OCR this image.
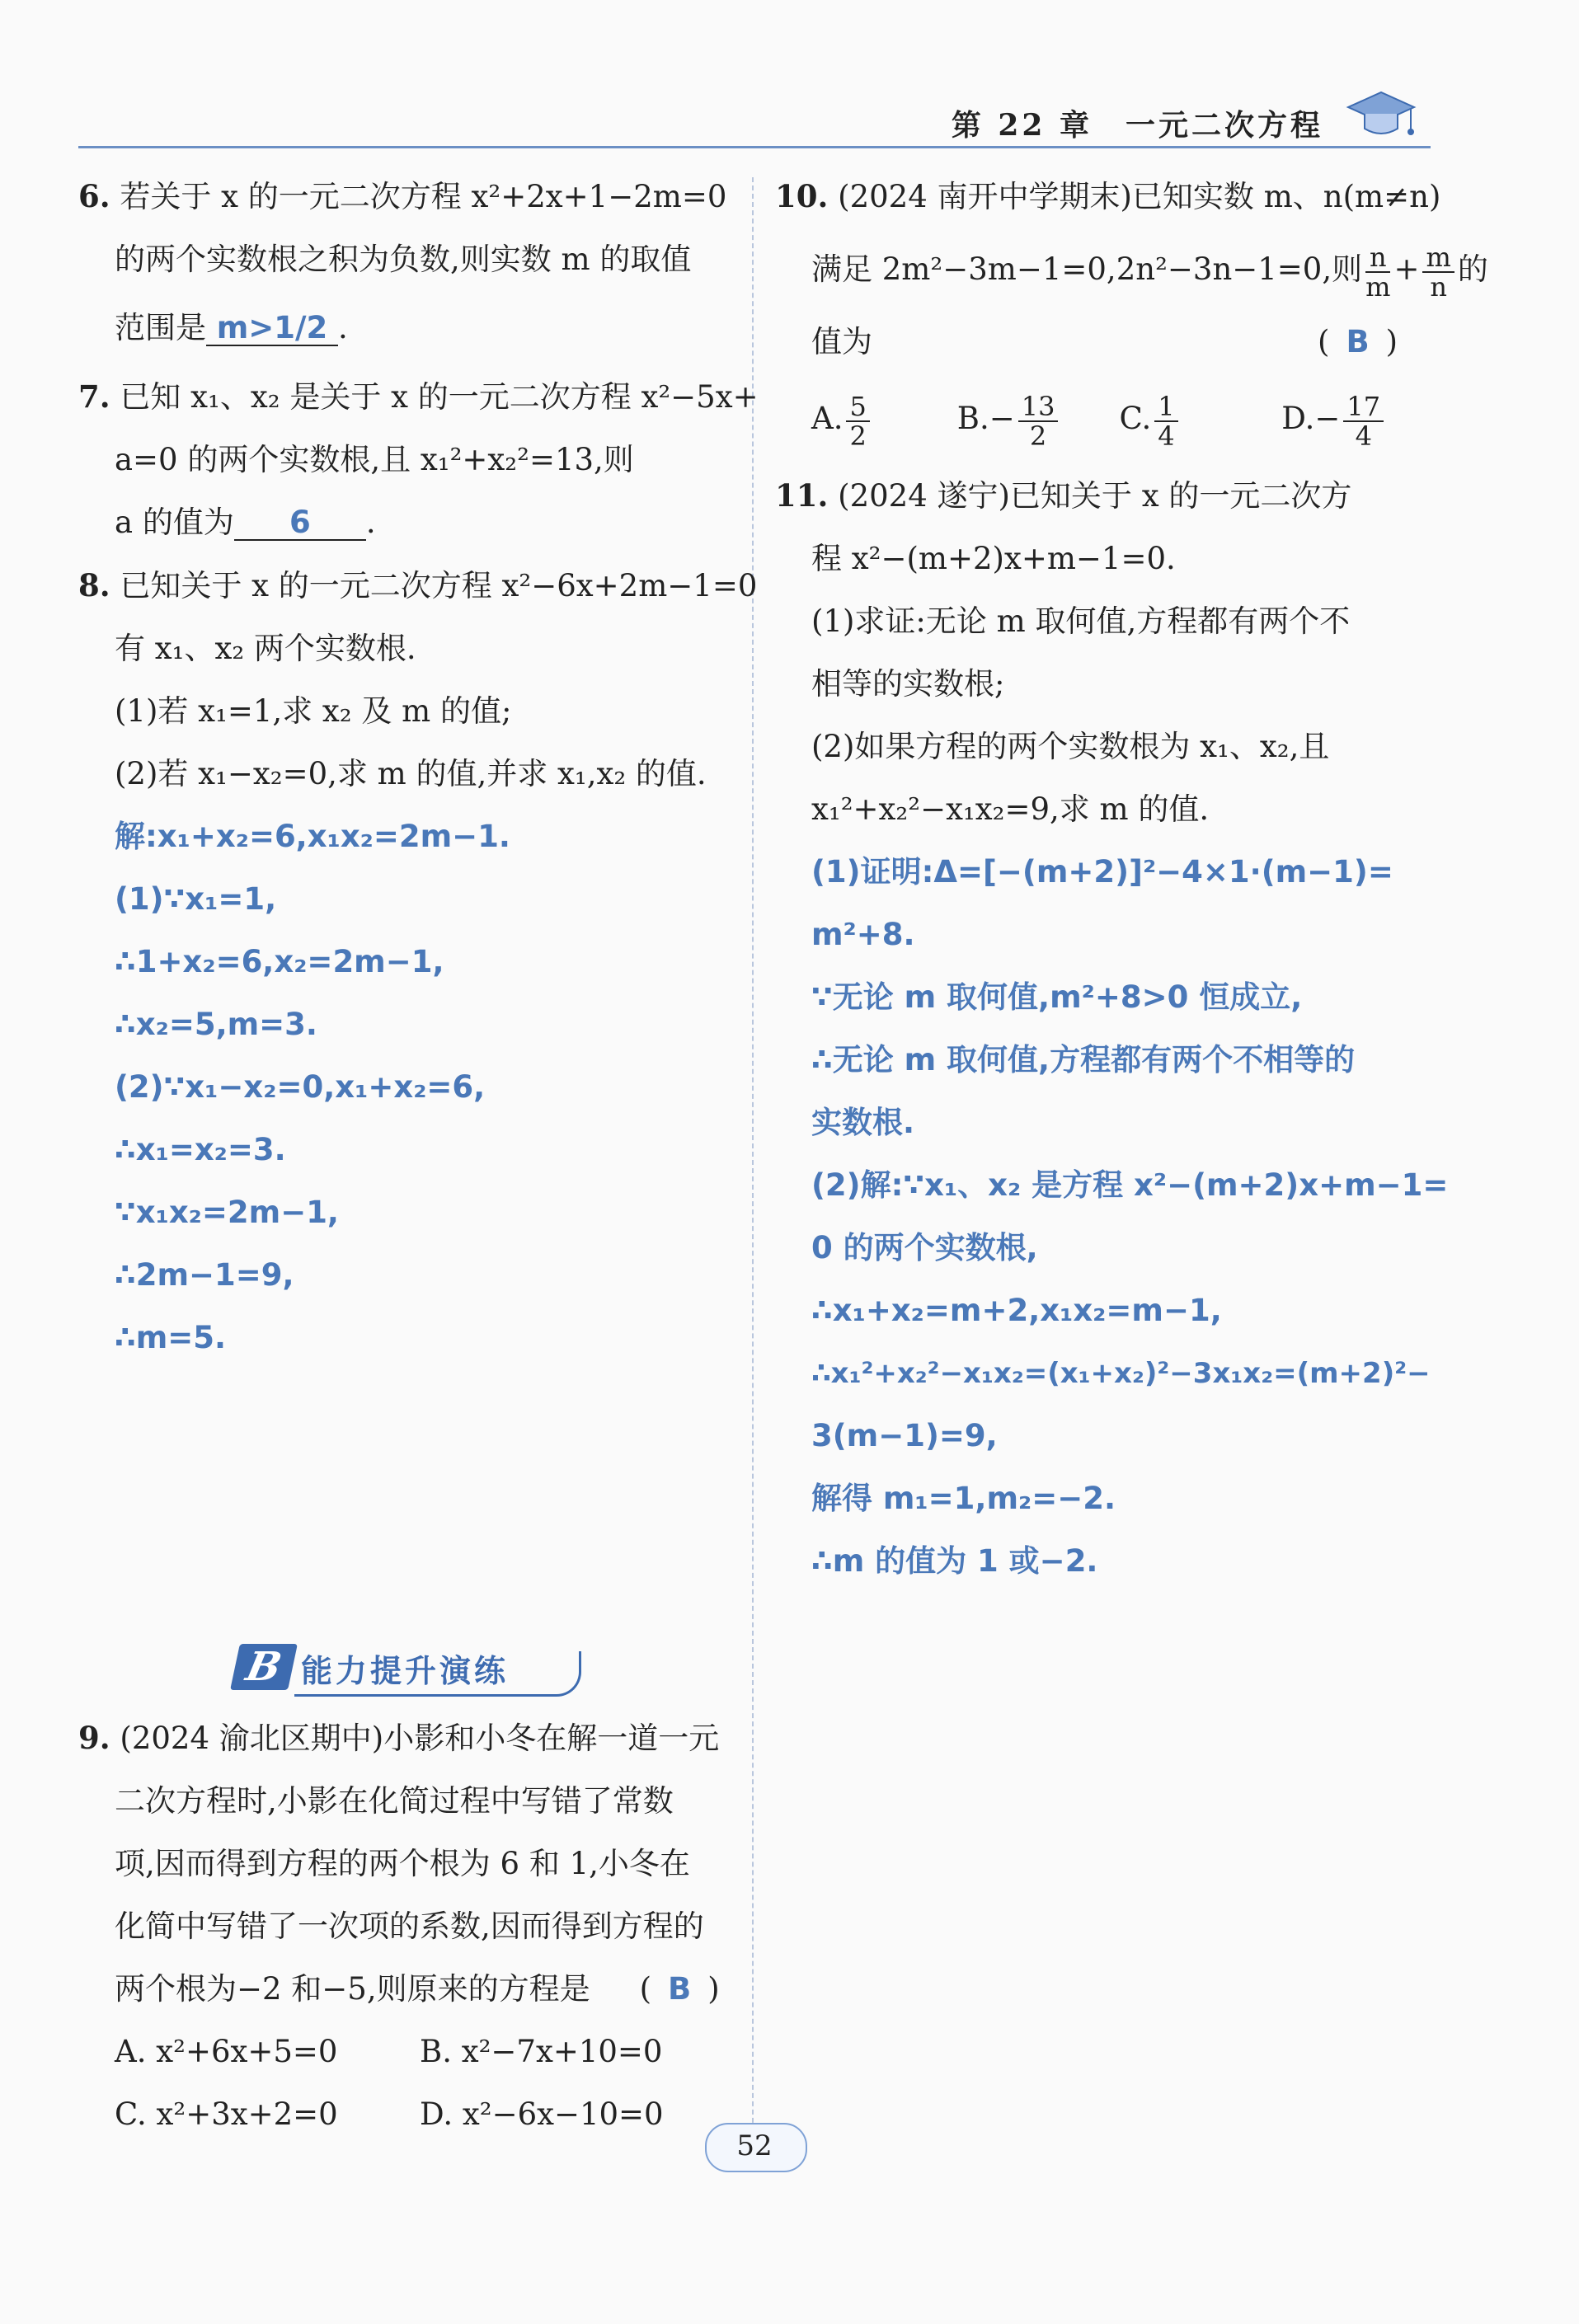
第 22 章　一元二次方程
6. 若关于 x 的一元二次方程 x²+2x+1−2m=0
的两个实数根之积为负数,则实数 m 的取值
范围是 m>1/2 .
7. 已知 x₁、x₂ 是关于 x 的一元二次方程 x²−5x+
a=0 的两个实数根,且 x₁²+x₂²=13,则
a 的值为 6 .
8. 已知关于 x 的一元二次方程 x²−6x+2m−1=0
有 x₁、x₂ 两个实数根.
(1)若 x₁=1,求 x₂ 及 m 的值;
(2)若 x₁−x₂=0,求 m 的值,并求 x₁,x₂ 的值.
解:x₁+x₂=6,x₁x₂=2m−1.
(1)∵x₁=1,
∴1+x₂=6,x₂=2m−1,
∴x₂=5,m=3.
(2)∵x₁−x₂=0,x₁+x₂=6,
∴x₁=x₂=3.
∵x₁x₂=2m−1,
∴2m−1=9,
∴m=5.
B 能力提升演练
9. (2024 渝北区期中)小影和小冬在解一道一元
二次方程时,小影在化简过程中写错了常数
项,因而得到方程的两个根为 6 和 1,小冬在
化简中写错了一次项的系数,因而得到方程的
两个根为−2 和−5,则原来的方程是 ( B )
A. x²+6x+5=0	B. x²−7x+10=0
C. x²+3x+2=0	D. x²−6x−10=0
10. (2024 南开中学期末)已知实数 m、n(m≠n)
满足 2m²−3m−1=0,2n²−3n−1=0,则 $\frac{n}{m} + \frac{m}{n}$ 的
值为	( B )
A. $\frac{5}{2}$	$B.- \frac{13}{2} C$. $\frac{1}{4}$	$D.- \frac{17}{4}$
11. (2024 遂宁)已知关于 x 的一元二次方
程 x²−(m+2)x+m−1=0.
(1)求证:无论 m 取何值,方程都有两个不
相等的实数根;
(2)如果方程的两个实数根为 x₁、x₂,且
x₁²+x₂²−x₁x₂=9,求 m 的值.
(1)证明:Δ=[−(m+2)]²−4×1·(m−1)=
m²+8.
∵无论 m 取何值,m²+8>0 恒成立,
∴无论 m 取何值,方程都有两个不相等的
实数根.
(2)解:∵x₁、x₂ 是方程 x²−(m+2)x+m−1=
0 的两个实数根,
∴x₁+x₂=m+2,x₁x₂=m−1,
∴x₁²+x₂²−x₁x₂=(x₁+x₂)²−3x₁x₂=(m+2)²−
3(m−1)=9,
解得 m₁=1,m₂=−2.
∴m 的值为 1 或−2.
52
